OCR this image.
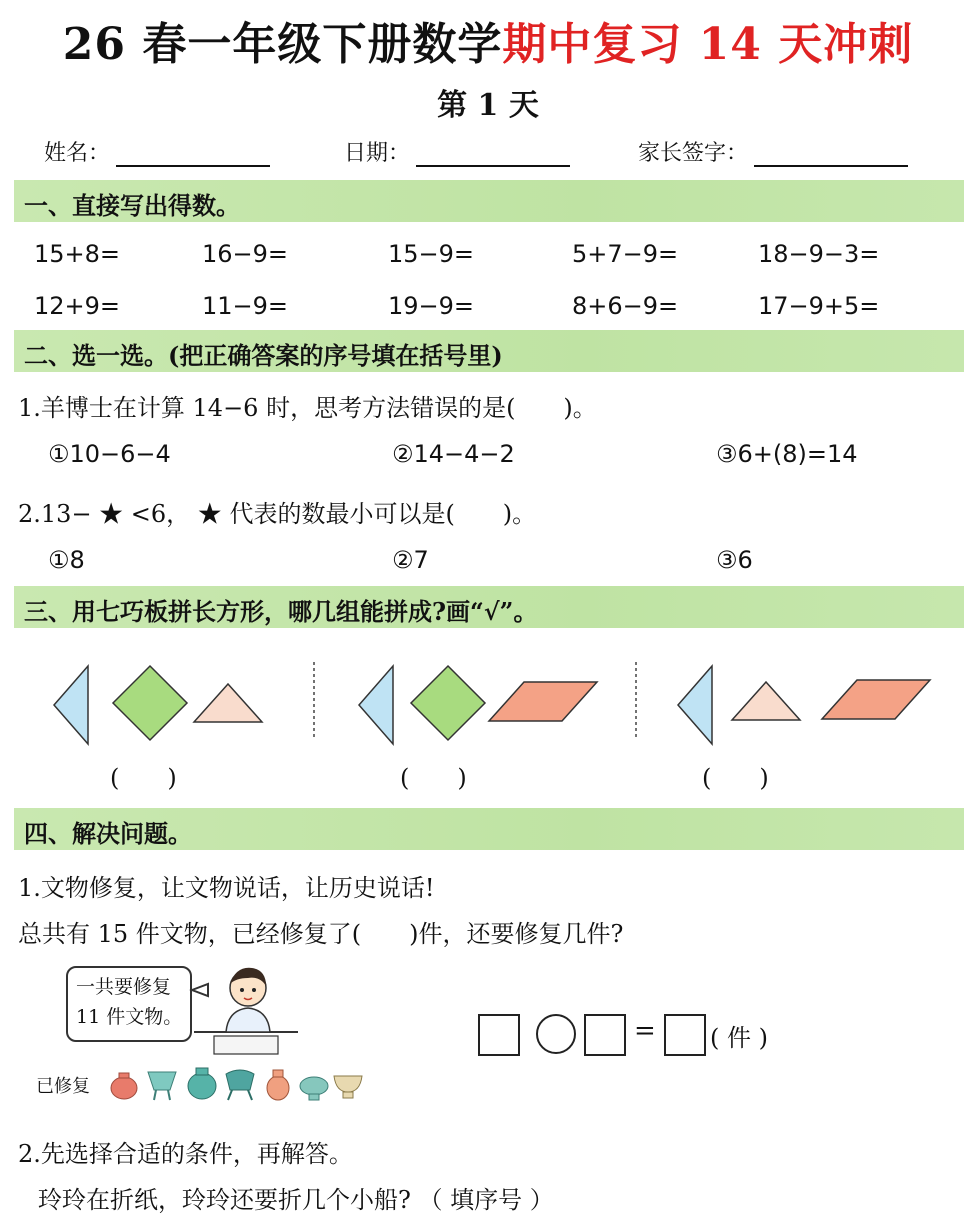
26 春一年级下册数学期中复习 14 天冲刺
第 1 天
姓名：	日期：	家长签字：
一、直接写出得数。
15+8=	16−9=	15−9=	5+7−9=	18−9−3=
12+9=	11−9=	19−9=	8+6−9=	17−9+5=
二、选一选。(把正确答案的序号填在括号里)
1.羊博士在计算 14−6 时，思考方法错误的是(　　)。
①10−6−4	②14−4−2	③6+(8)=14
2.13− ★ <6， ★ 代表的数最小可以是(　　)。
①8	②7	③6
三、用七巧板拼长方形，哪几组能拼成?画“√”。
(　　)	(　　)	(　　)
四、解决问题。
1.文物修复，让文物说话，让历史说话!
总共有 15 件文物，已经修复了(　　)件，还要修复几件?
一共要修复
11 件文物。
已修复
= ( 件 )
2.先选择合适的条件，再解答。
玲玲在折纸，玲玲还要折几个小船? （ 填序号 ）
